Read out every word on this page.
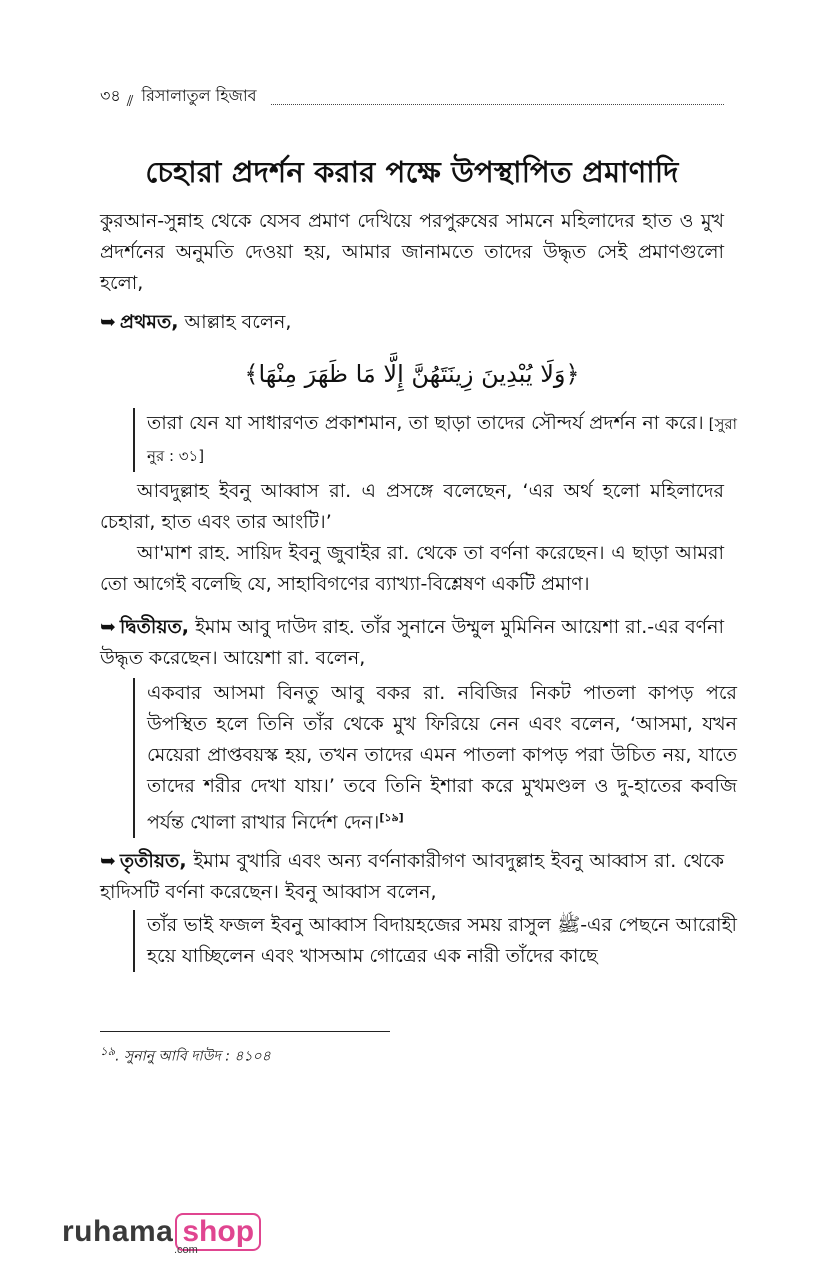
৩৪ ⫽ রিসালাতুল হিজাব
চেহারা প্রদর্শন করার পক্ষে উপস্থাপিত প্রমাণাদি
কুরআন-সুন্নাহ থেকে যেসব প্রমাণ দেখিয়ে পরপুরুষের সামনে মহিলাদের হাত ও মুখ প্রদর্শনের অনুমতি দেওয়া হয়, আমার জানামতে তাদের উদ্ধৃত সেই প্রমাণগুলো হলো,
➥ প্রথমত, আল্লাহ বলেন,
﴿وَلَا يُبْدِينَ زِينَتَهُنَّ إِلَّا مَا ظَهَرَ مِنْهَا﴾
তারা যেন যা সাধারণত প্রকাশমান, তা ছাড়া তাদের সৌন্দর্য প্রদর্শন না করে। [সুরা নুর : ৩১]
আবদুল্লাহ ইবনু আব্বাস রা. এ প্রসঙ্গে বলেছেন, ‘এর অর্থ হলো মহিলাদের চেহারা, হাত এবং তার আংটি।’
আ'মাশ রাহ. সায়িদ ইবনু জুবাইর রা. থেকে তা বর্ণনা করেছেন। এ ছাড়া আমরা তো আগেই বলেছি যে, সাহাবিগণের ব্যাখ্যা-বিশ্লেষণ একটি প্রমাণ।
➥ দ্বিতীয়ত, ইমাম আবু দাউদ রাহ. তাঁর সুনানে উম্মুল মুমিনিন আয়েশা রা.-এর বর্ণনা উদ্ধৃত করেছেন। আয়েশা রা. বলেন,
একবার আসমা বিনতু আবু বকর রা. নবিজির নিকট পাতলা কাপড় পরে উপস্থিত হলে তিনি তাঁর থেকে মুখ ফিরিয়ে নেন এবং বলেন, ‘আসমা, যখন মেয়েরা প্রাপ্তবয়স্ক হয়, তখন তাদের এমন পাতলা কাপড় পরা উচিত নয়, যাতে তাদের শরীর দেখা যায়।’ তবে তিনি ইশারা করে মুখমণ্ডল ও দু-হাতের কবজি পর্যন্ত খোলা রাখার নির্দেশ দেন।[১৯]
➥ তৃতীয়ত, ইমাম বুখারি এবং অন্য বর্ণনাকারীগণ আবদুল্লাহ ইবনু আব্বাস রা. থেকে হাদিসটি বর্ণনা করেছেন। ইবনু আব্বাস বলেন,
তাঁর ভাই ফজল ইবনু আব্বাস বিদায়হজের সময় রাসুল ﷺ-এর পেছনে আরোহী হয়ে যাচ্ছিলেন এবং খাসআম গোত্রের এক নারী তাঁদের কাছে
$^{১৯}$. সুনানু আবি দাউদ : ৪১০৪
ruhama shop
.com
